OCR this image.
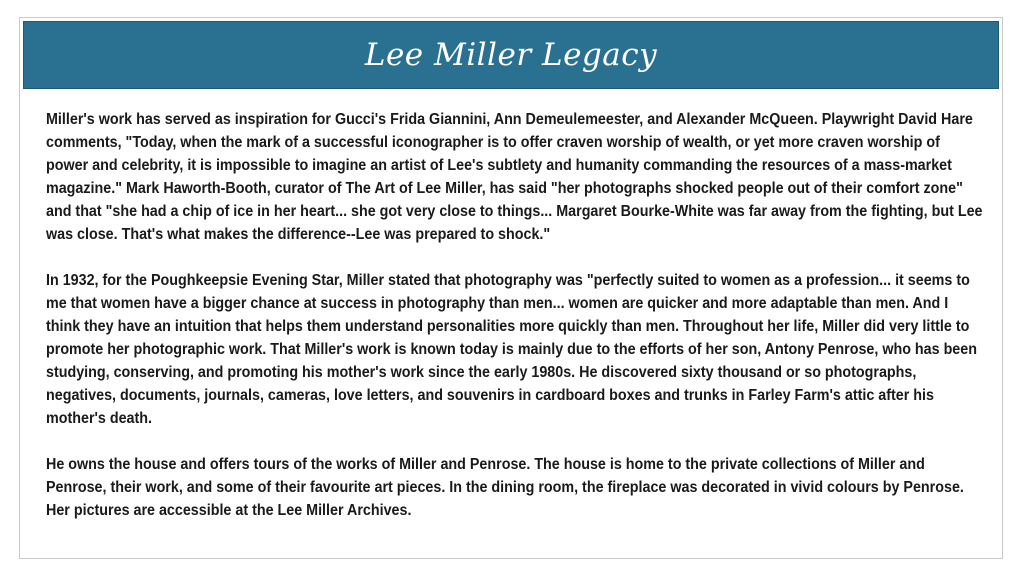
Lee Miller Legacy

Miller's work has served as inspiration for Gucci's Frida Giannini, Ann Demeulemeester, and Alexander McQueen. Playwright David Hare comments, "Today, when the mark of a successful iconographer is to offer craven worship of wealth, or yet more craven worship of power and celebrity, it is impossible to imagine an artist of Lee's subtlety and humanity commanding the resources of a mass-market magazine." Mark Haworth-Booth, curator of The Art of Lee Miller, has said "her photographs shocked people out of their comfort zone" and that "she had a chip of ice in her heart... she got very close to things... Margaret Bourke-White was far away from the fighting, but Lee was close. That's what makes the difference--Lee was prepared to shock."

In 1932, for the Poughkeepsie Evening Star, Miller stated that photography was "perfectly suited to women as a profession... it seems to me that women have a bigger chance at success in photography than men... women are quicker and more adaptable than men. And I think they have an intuition that helps them understand personalities more quickly than men. Throughout her life, Miller did very little to promote her photographic work. That Miller's work is known today is mainly due to the efforts of her son, Antony Penrose, who has been studying, conserving, and promoting his mother's work since the early 1980s. He discovered sixty thousand or so photographs, negatives, documents, journals, cameras, love letters, and souvenirs in cardboard boxes and trunks in Farley Farm's attic after his mother's death.

He owns the house and offers tours of the works of Miller and Penrose. The house is home to the private collections of Miller and Penrose, their work, and some of their favourite art pieces. In the dining room, the fireplace was decorated in vivid colours by Penrose. Her pictures are accessible at the Lee Miller Archives.
